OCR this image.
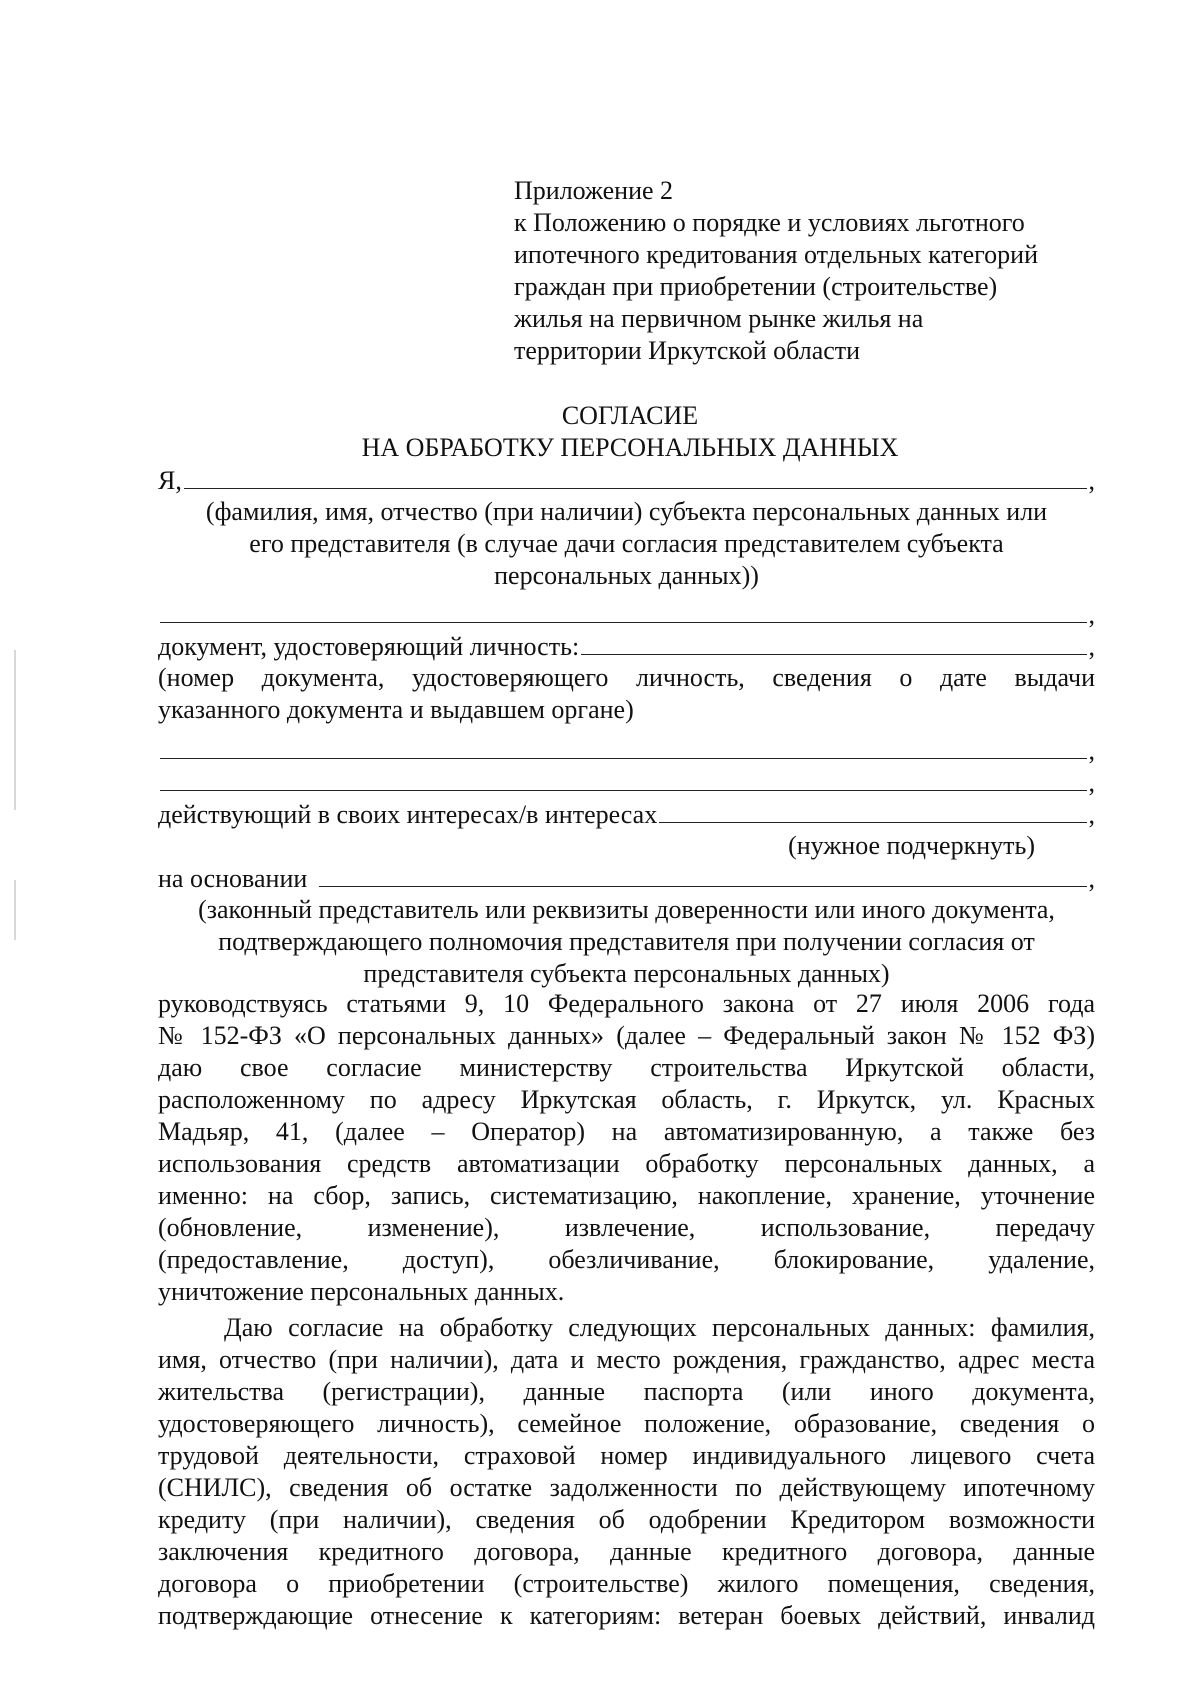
Приложение 2
к Положению о порядке и условиях льготного
ипотечного кредитования отдельных категорий
граждан при приобретении (строительстве)
жилья на первичном рынке жилья на
территории Иркутской области
СОГЛАСИЕ
НА ОБРАБОТКУ ПЕРСОНАЛЬНЫХ ДАННЫХ
Я,	,
(фамилия, имя, отчество (при наличии) субъекта персональных данных или
его представителя (в случае дачи согласия представителем субъекта
персональных данных))
,
документ, удостоверяющий личность:	,
(номер документа, удостоверяющего личность, сведения о дате выдачи
указанного документа и выдавшем органе)
,
,
действующий в своих интересах/в интересах	,
(нужное подчеркнуть)
на основании	,
(законный представитель или реквизиты доверенности или иного документа,
подтверждающего полномочия представителя при получении согласия от
представителя субъекта персональных данных)
руководствуясь статьями 9, 10 Федерального закона от 27 июля 2006 года
№ 152-ФЗ «О персональных данных» (далее – Федеральный закон № 152 ФЗ)
даю свое согласие министерству строительства Иркутской области,
расположенному по адресу Иркутская область, г. Иркутск, ул. Красных
Мадьяр, 41, (далее – Оператор) на автоматизированную, а также без
использования средств автоматизации обработку персональных данных, а
именно: на сбор, запись, систематизацию, накопление, хранение, уточнение
(обновление, изменение), извлечение, использование, передачу
(предоставление, доступ), обезличивание, блокирование, удаление,
уничтожение персональных данных.
Даю согласие на обработку следующих персональных данных: фамилия,
имя, отчество (при наличии), дата и место рождения, гражданство, адрес места
жительства (регистрации), данные паспорта (или иного документа,
удостоверяющего личность), семейное положение, образование, сведения о
трудовой деятельности, страховой номер индивидуального лицевого счета
(СНИЛС), сведения об остатке задолженности по действующему ипотечному
кредиту (при наличии), сведения об одобрении Кредитором возможности
заключения кредитного договора, данные кредитного договора, данные
договора о приобретении (строительстве) жилого помещения, сведения,
подтверждающие отнесение к категориям: ветеран боевых действий, инвалид
